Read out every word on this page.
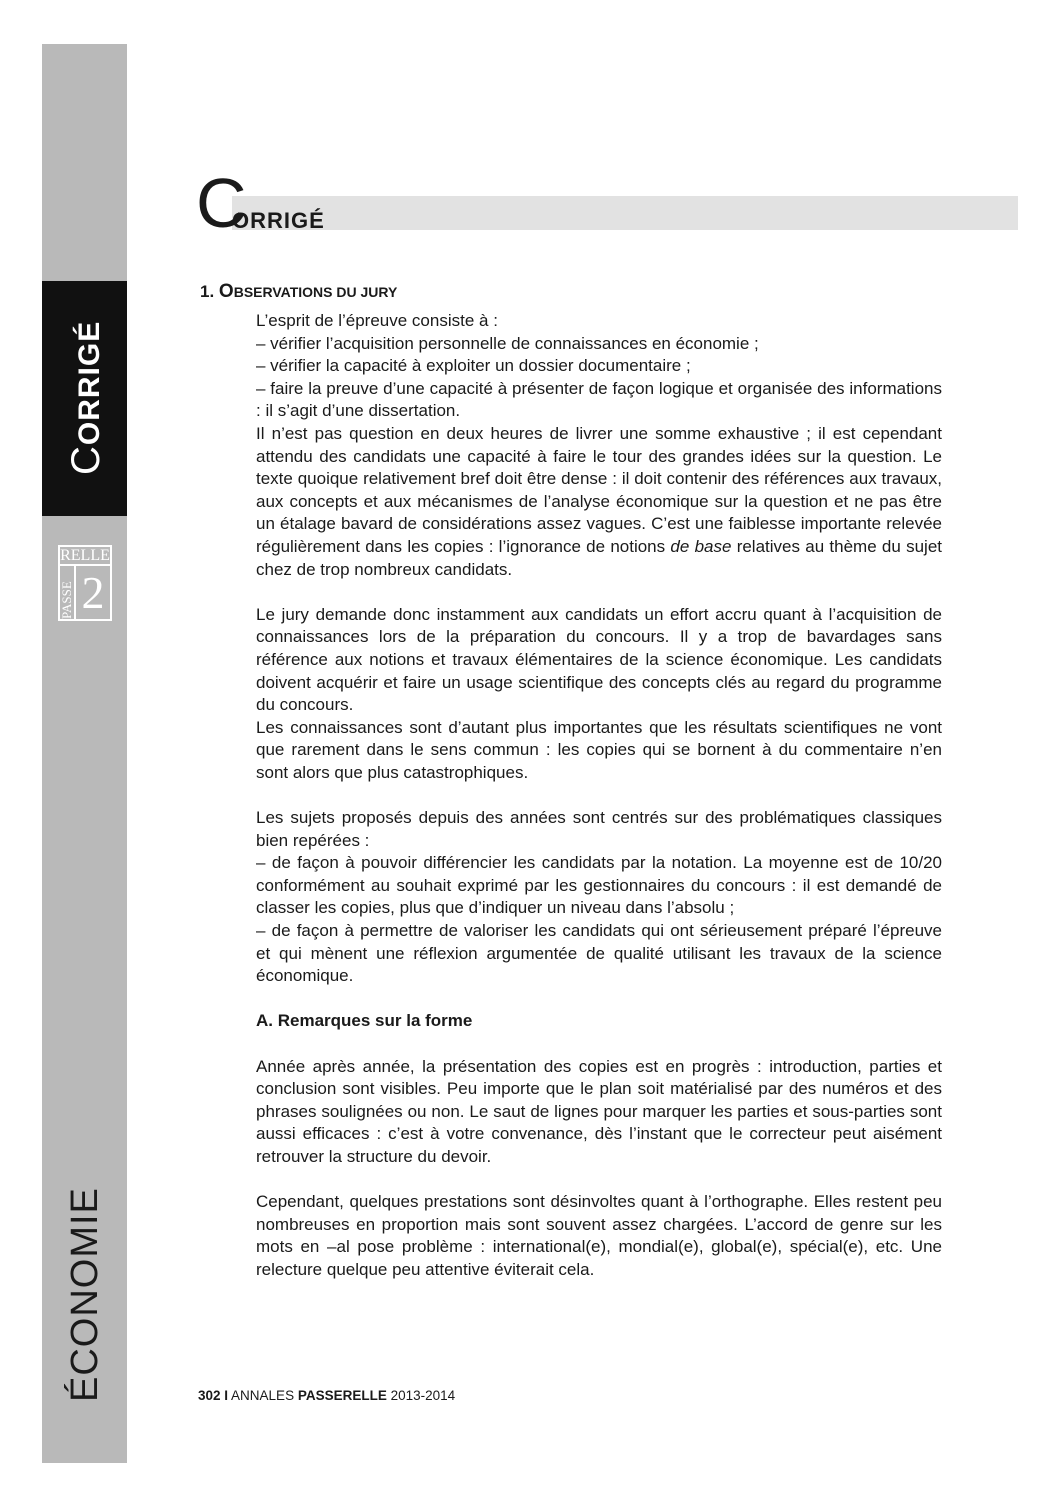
CORRIGÉ
RELLE
PASSE 2
ÉCONOMIE
C
ORRIGÉ
1. OBSERVATIONS DU JURY

L’esprit de l’épreuve consiste à :

– vérifier l’acquisition personnelle de connaissances en économie ;

– vérifier la capacité à exploiter un dossier documentaire ;

– faire la preuve d’une capacité à présenter de façon logique et organisée des informations : il s’agit d’une dissertation.

Il n’est pas question en deux heures de livrer une somme exhaustive ; il est cependant attendu des candidats une capacité à faire le tour des grandes idées sur la question. Le texte quoique relativement bref doit être dense : il doit contenir des références aux travaux, aux concepts et aux mécanismes de l’analyse économique sur la question et ne pas être un étalage bavard de considérations assez vagues. C’est une faiblesse importante relevée régulièrement dans les copies : l’ignorance de notions de base relatives au thème du sujet chez de trop nombreux candidats.

Le jury demande donc instamment aux candidats un effort accru quant à l’acquisition de connaissances lors de la préparation du concours. Il y a trop de bavardages sans référence aux notions et travaux élémentaires de la science économique. Les candidats doivent acquérir et faire un usage scientifique des concepts clés au regard du programme du concours.

Les connaissances sont d’autant plus importantes que les résultats scientifiques ne vont que rarement dans le sens commun : les copies qui se bornent à du commentaire n’en sont alors que plus catastrophiques.

Les sujets proposés depuis des années sont centrés sur des problématiques classiques bien repérées :

– de façon à pouvoir différencier les candidats par la notation. La moyenne est de 10/20 conformément au souhait exprimé par les gestionnaires du concours : il est demandé de classer les copies, plus que d’indiquer un niveau dans l’absolu ;

– de façon à permettre de valoriser les candidats qui ont sérieusement préparé l’épreuve et qui mènent une réflexion argumentée de qualité utilisant les travaux de la science économique.

A. Remarques sur la forme

Année après année, la présentation des copies est en progrès : introduction, parties et conclusion sont visibles. Peu importe que le plan soit matérialisé par des numéros et des phrases soulignées ou non. Le saut de lignes pour marquer les parties et sous-parties sont aussi efficaces : c’est à votre convenance, dès l’instant que le correcteur peut aisément retrouver la structure du devoir.

Cependant, quelques prestations sont désinvoltes quant à l’orthographe. Elles restent peu nombreuses en proportion mais sont souvent assez chargées. L’accord de genre sur les mots en –al pose problème : international(e), mondial(e), global(e), spécial(e), etc. Une relecture quelque peu attentive éviterait cela.

302 I ANNALES PASSERELLE 2013-2014
